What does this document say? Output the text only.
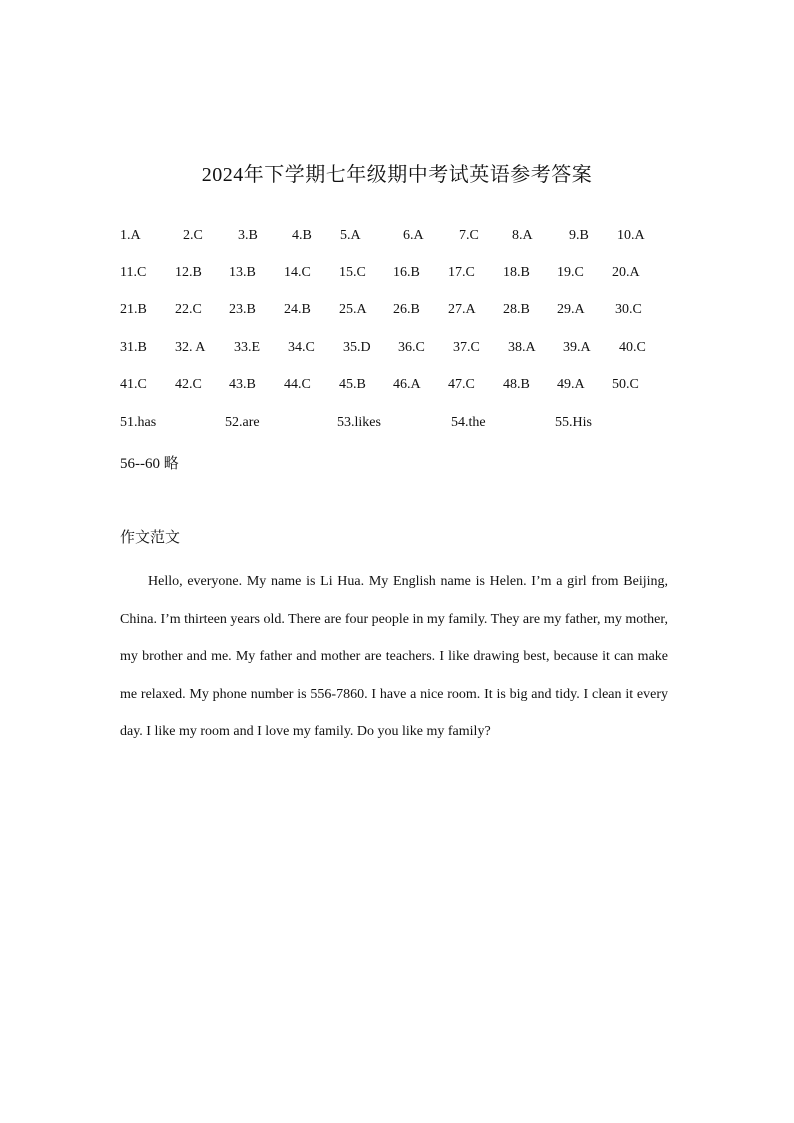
2024年下学期七年级期中考试英语参考答案
1.A	2.C	3.B 4.B 5.A	6.A	7.C 8.A	9.B 10.A
11.C 12.B 13.B 14.C 15.C 16.B 17.C 18.B 19.C 20.A
21.B 22.C 23.B 24.B 25.A 26.B 27.A 28.B 29.A 30.C
31.B 32. A 33.E 34.C 35.D 36.C 37.C 38.A 39.A 40.C
41.C 42.C 43.B 44.C 45.B 46.A 47.C 48.B 49.A 50.C
51.has	52.are	53.likes	54.the	55.His
56--60 略
作文范文
Hello, everyone. My name is Li Hua. My English name is Helen. I’m a girl from Beijing, China. I’m thirteen years old. There are four people in my family. They are my father, my mother, my brother and me. My father and mother are teachers. I like drawing best, because it can make me relaxed. My phone number is 556-7860. I have a nice room. It is big and tidy. I clean it every day. I like my room and I love my family. Do you like my family?
